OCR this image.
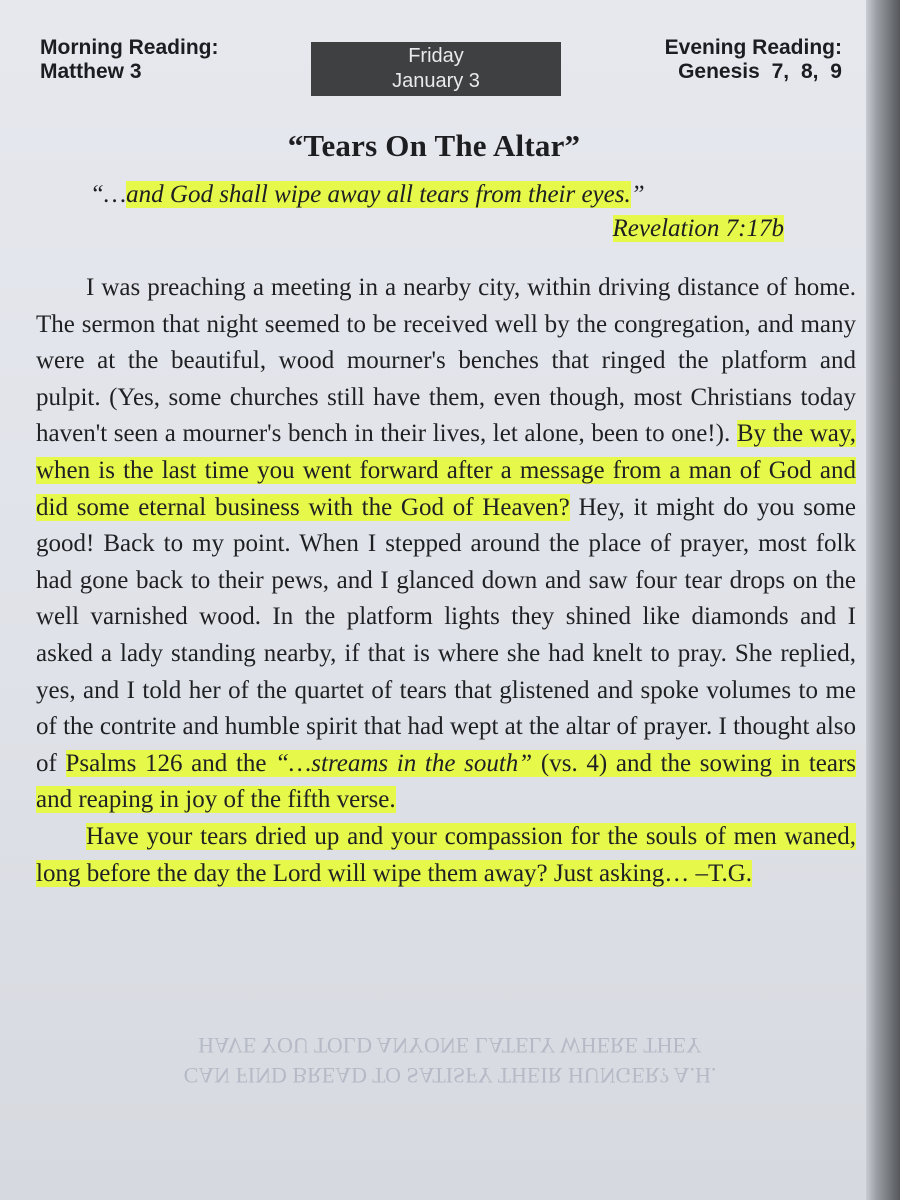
Morning Reading:
Matthew 3
Friday
January 3
Evening Reading:
Genesis 7, 8, 9
“Tears On The Altar”
“…and God shall wipe away all tears from their eyes.”
Revelation 7:17b

I was preaching a meeting in a nearby city, within driving distance of home. The sermon that night seemed to be received well by the congregation, and many were at the beautiful, wood mourner's benches that ringed the platform and pulpit. (Yes, some churches still have them, even though, most Christians today haven't seen a mourner's bench in their lives, let alone, been to one!). By the way, when is the last time you went forward after a message from a man of God and did some eternal business with the God of Heaven? Hey, it might do you some good! Back to my point. When I stepped around the place of prayer, most folk had gone back to their pews, and I glanced down and saw four tear drops on the well varnished wood. In the platform lights they shined like diamonds and I asked a lady standing nearby, if that is where she had knelt to pray. She replied, yes, and I told her of the quartet of tears that glistened and spoke volumes to me of the contrite and humble spirit that had wept at the altar of prayer. I thought also of Psalms 126 and the “…streams in the south” (vs. 4) and the sowing in tears and reaping in joy of the fifth verse.

Have your tears dried up and your compassion for the souls of men waned, long before the day the Lord will wipe them away? Just asking… –T.G.

CAN FIND BREAD TO SATISFY THEIR HUNGER? A.H.
HAVE YOU TOLD ANYONE LATELY WHERE THEY
